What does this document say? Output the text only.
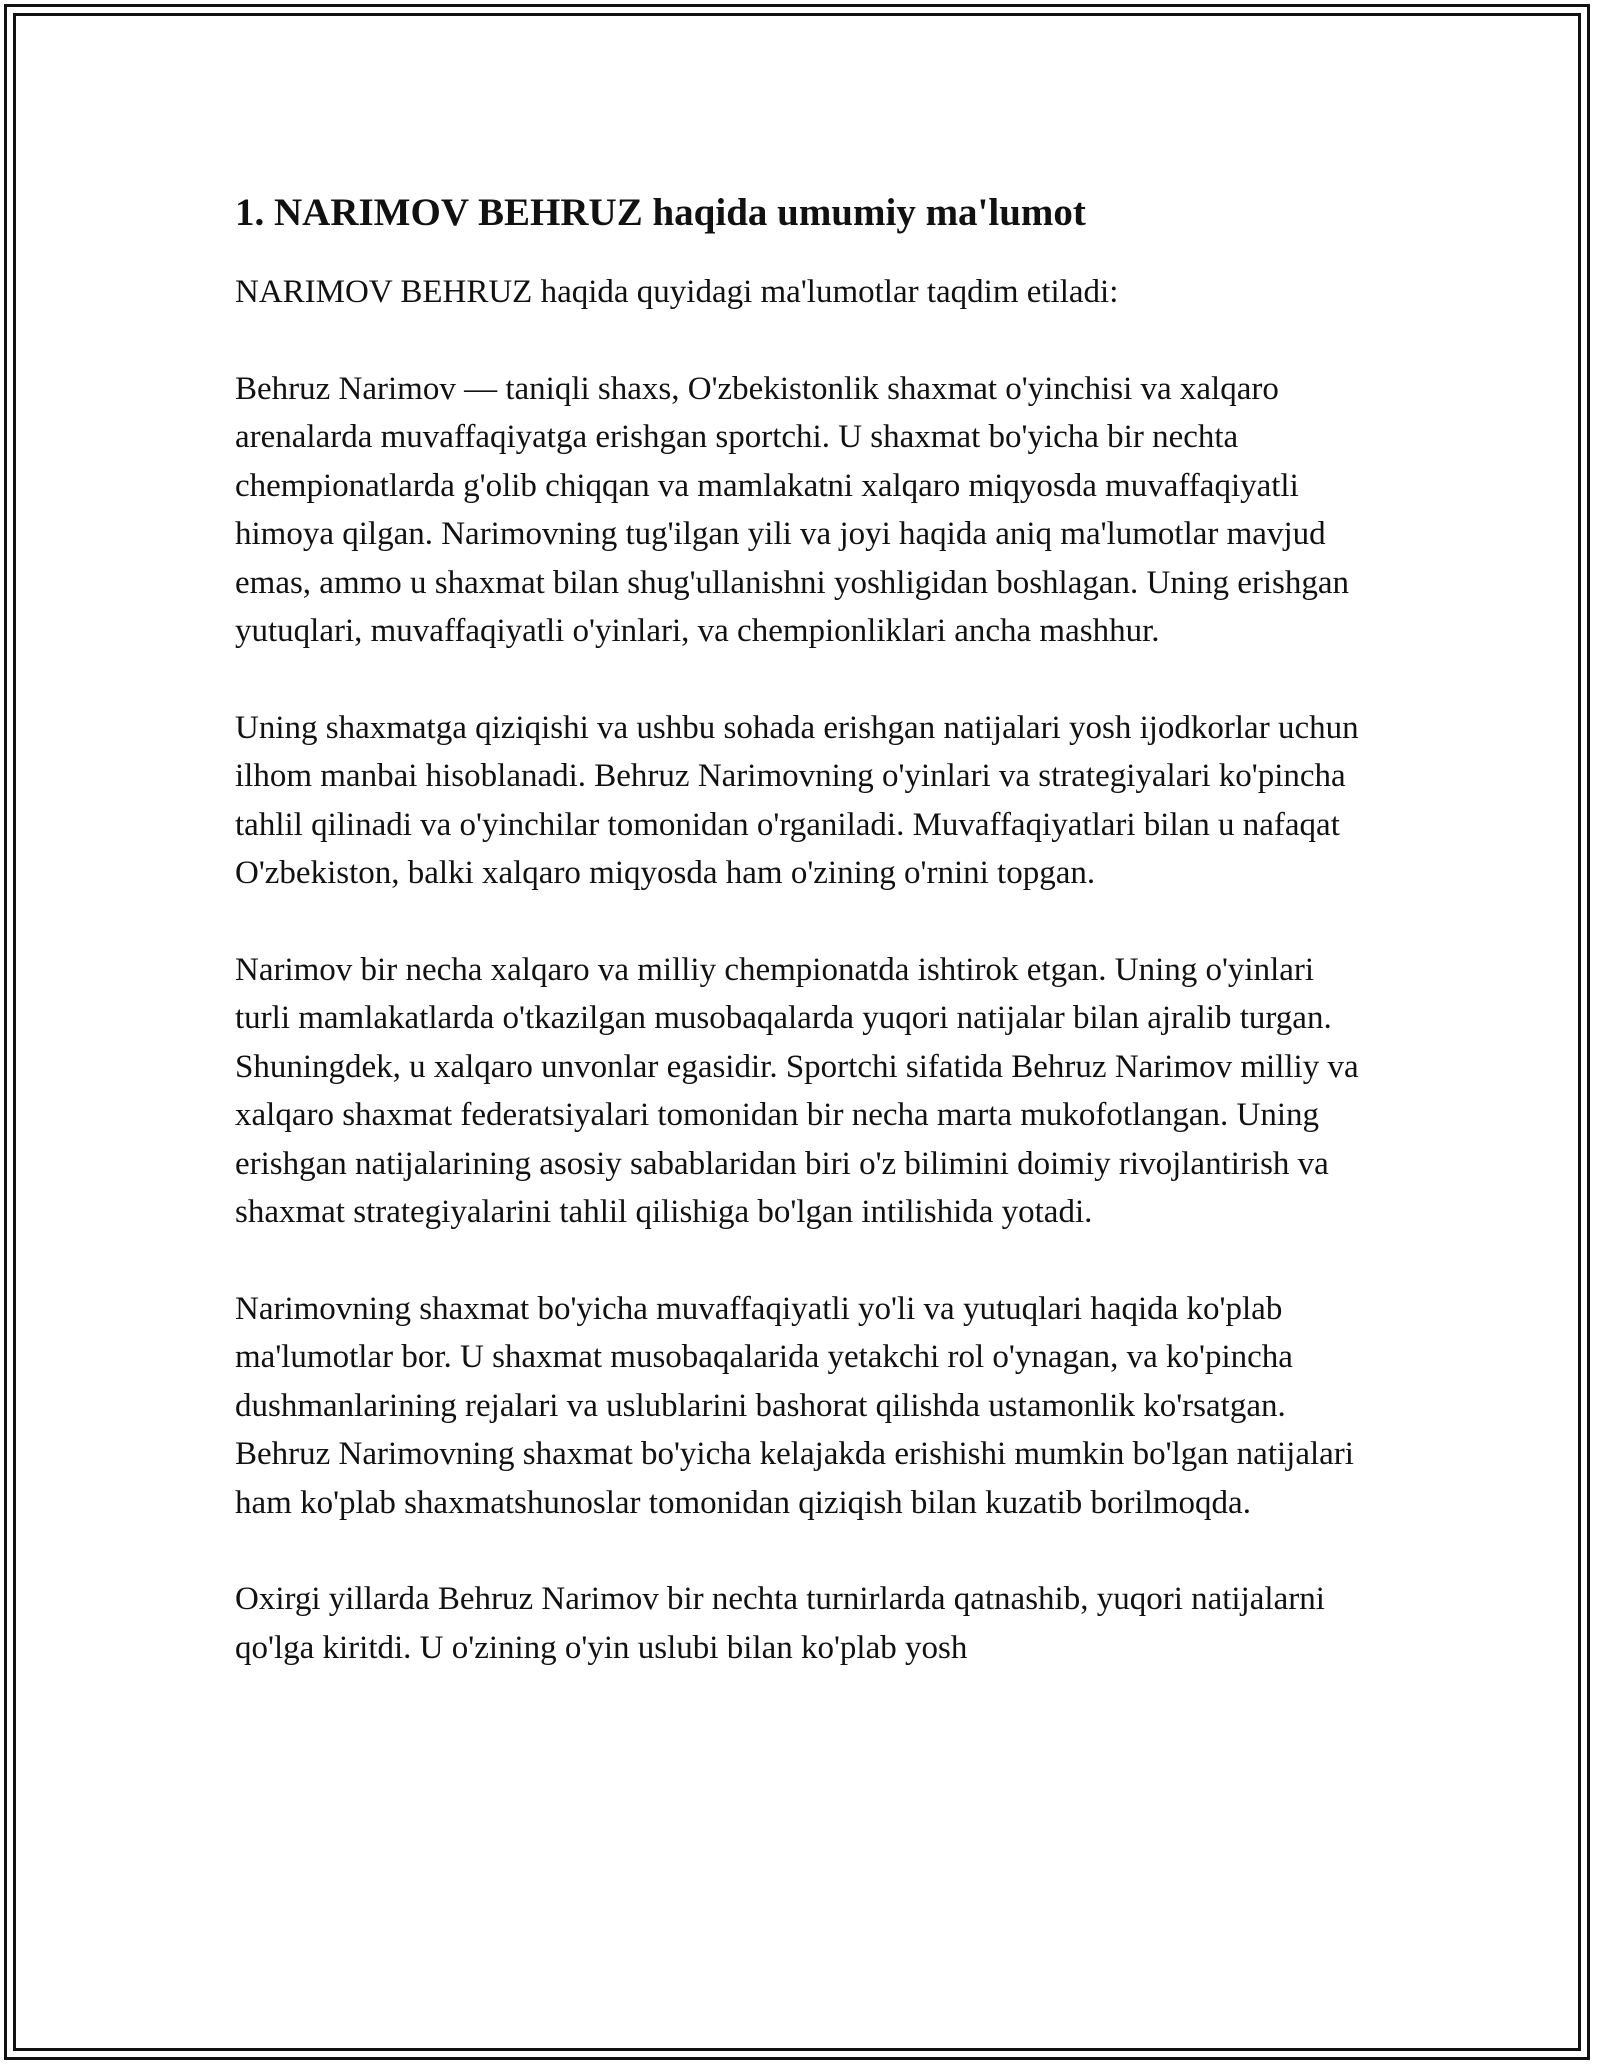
1. NARIMOV BEHRUZ haqida umumiy ma'lumot

NARIMOV BEHRUZ haqida quyidagi ma'lumotlar taqdim etiladi:

Behruz Narimov — taniqli shaxs, O'zbekistonlik shaxmat o'yinchisi va xalqaro arenalarda muvaffaqiyatga erishgan sportchi. U shaxmat bo'yicha bir nechta chempionatlarda g'olib chiqqan va mamlakatni xalqaro miqyosda muvaffaqiyatli himoya qilgan. Narimovning tug'ilgan yili va joyi haqida aniq ma'lumotlar mavjud emas, ammo u shaxmat bilan shug'ullanishni yoshligidan boshlagan. Uning erishgan yutuqlari, muvaffaqiyatli o'yinlari, va chempionliklari ancha mashhur.

Uning shaxmatga qiziqishi va ushbu sohada erishgan natijalari yosh ijodkorlar uchun ilhom manbai hisoblanadi. Behruz Narimovning o'yinlari va strategiyalari ko'pincha tahlil qilinadi va o'yinchilar tomonidan o'rganiladi. Muvaffaqiyatlari bilan u nafaqat O'zbekiston, balki xalqaro miqyosda ham o'zining o'rnini topgan.

Narimov bir necha xalqaro va milliy chempionatda ishtirok etgan. Uning o'yinlari turli mamlakatlarda o'tkazilgan musobaqalarda yuqori natijalar bilan ajralib turgan. Shuningdek, u xalqaro unvonlar egasidir. Sportchi sifatida Behruz Narimov milliy va xalqaro shaxmat federatsiyalari tomonidan bir necha marta mukofotlangan. Uning erishgan natijalarining asosiy sabablaridan biri o'z bilimini doimiy rivojlantirish va shaxmat strategiyalarini tahlil qilishiga bo'lgan intilishida yotadi.

Narimovning shaxmat bo'yicha muvaffaqiyatli yo'li va yutuqlari haqida ko'plab ma'lumotlar bor. U shaxmat musobaqalarida yetakchi rol o'ynagan, va ko'pincha dushmanlarining rejalari va uslublarini bashorat qilishda ustamonlik ko'rsatgan. Behruz Narimovning shaxmat bo'yicha kelajakda erishishi mumkin bo'lgan natijalari ham ko'plab shaxmatshunoslar tomonidan qiziqish bilan kuzatib borilmoqda.

Oxirgi yillarda Behruz Narimov bir nechta turnirlarda qatnashib, yuqori natijalarni qo'lga kiritdi. U o'zining o'yin uslubi bilan ko'plab yosh
